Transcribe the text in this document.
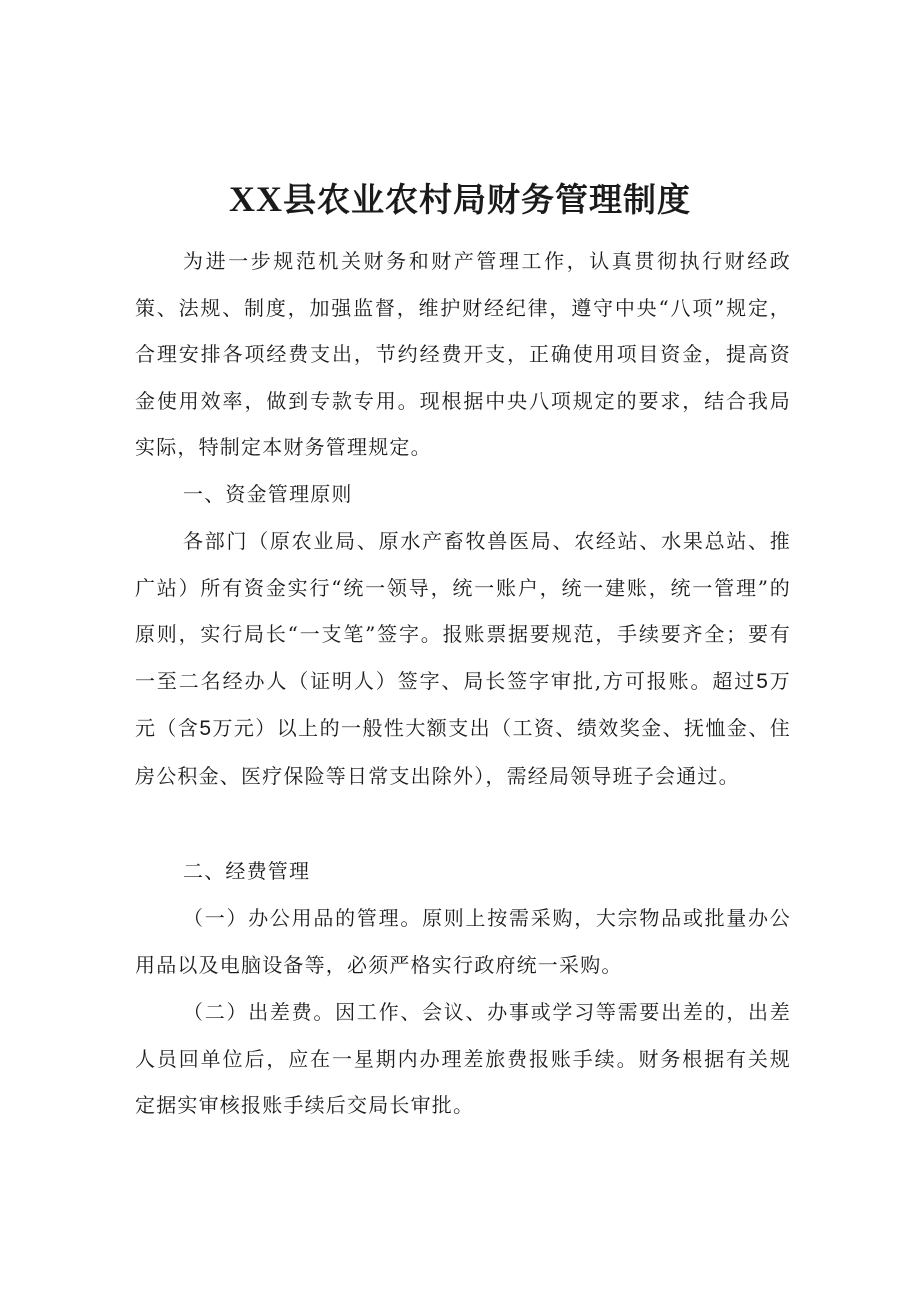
XX县农业农村局财务管理制度

为进一步规范机关财务和财产管理工作，认真贯彻执行财经政策、法规、制度，加强监督，维护财经纪律，遵守中央“八项”规定，合理安排各项经费支出，节约经费开支，正确使用项目资金，提高资金使用效率，做到专款专用。现根据中央八项规定的要求，结合我局实际，特制定本财务管理规定。

一、资金管理原则

各部门（原农业局、原水产畜牧兽医局、农经站、水果总站、推广站）所有资金实行“统一领导，统一账户，统一建账，统一管理”的原则，实行局长“一支笔”签字。报账票据要规范，手续要齐全；要有一至二名经办人（证明人）签字、局长签字审批,方可报账。超过5万元（含5万元）以上的一般性大额支出（工资、绩效奖金、抚恤金、住房公积金、医疗保险等日常支出除外），需经局领导班子会通过。

二、经费管理

（一）办公用品的管理。原则上按需采购，大宗物品或批量办公用品以及电脑设备等，必须严格实行政府统一采购。

（二）出差费。因工作、会议、办事或学习等需要出差的，出差人员回单位后，应在一星期内办理差旅费报账手续。财务根据有关规定据实审核报账手续后交局长审批。
